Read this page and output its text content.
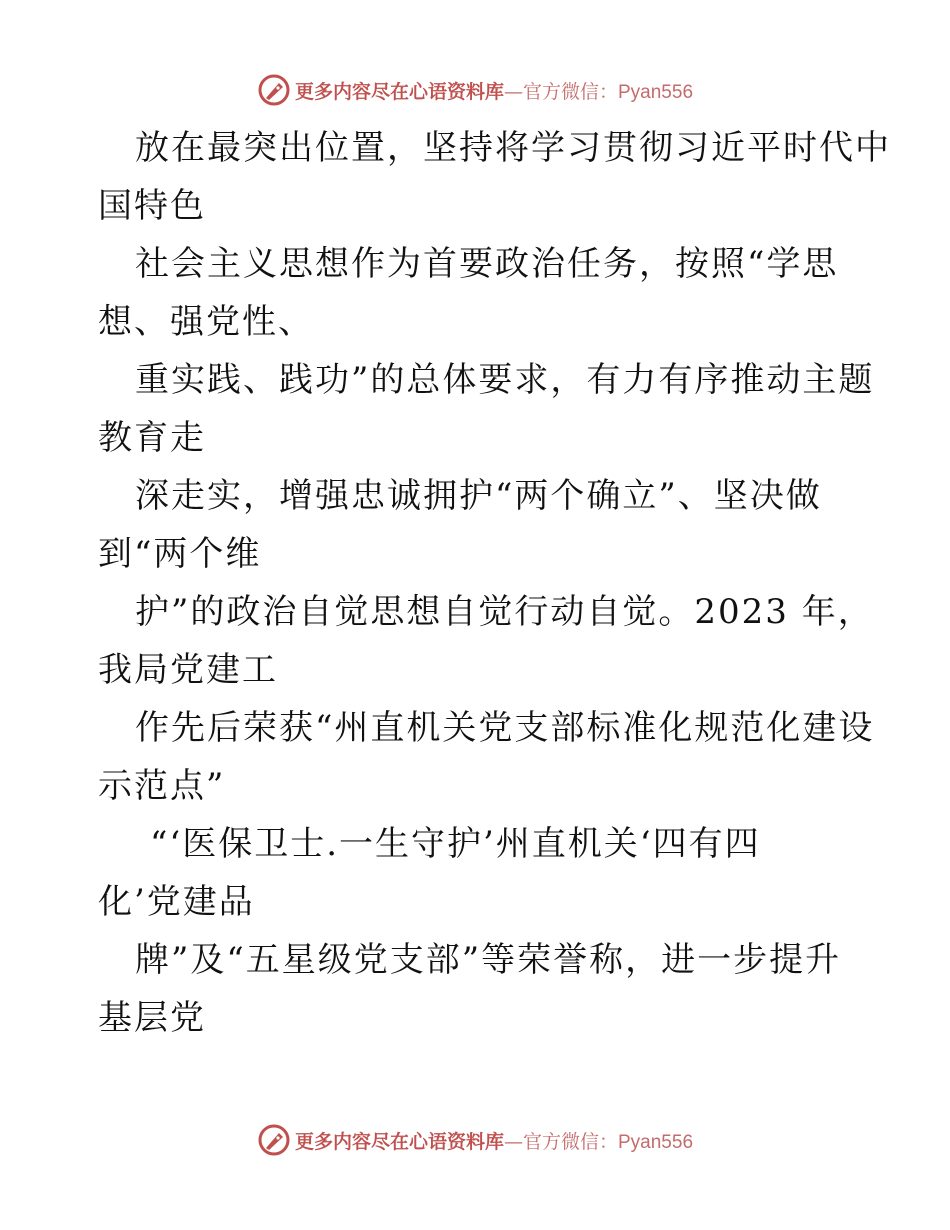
更多内容尽在心语资料库—官方微信：Pyan556
放在最突出位置，坚持将学习贯彻习近平时代中
国特色
社会主义思想作为首要政治任务，按照“学思
想、强党性、
重实践、践功”的总体要求，有力有序推动主题
教育走
深走实，增强忠诚拥护“两个确立”、坚决做
到“两个维
护”的政治自觉思想自觉行动自觉。2023 年，
我局党建工
作先后荣获“州直机关党支部标准化规范化建设
示范点”
“‘医保卫士.一生守护’州直机关‘四有四
化’党建品
牌”及“五星级党支部”等荣誉称，进一步提升
基层党
更多内容尽在心语资料库—官方微信：Pyan556
